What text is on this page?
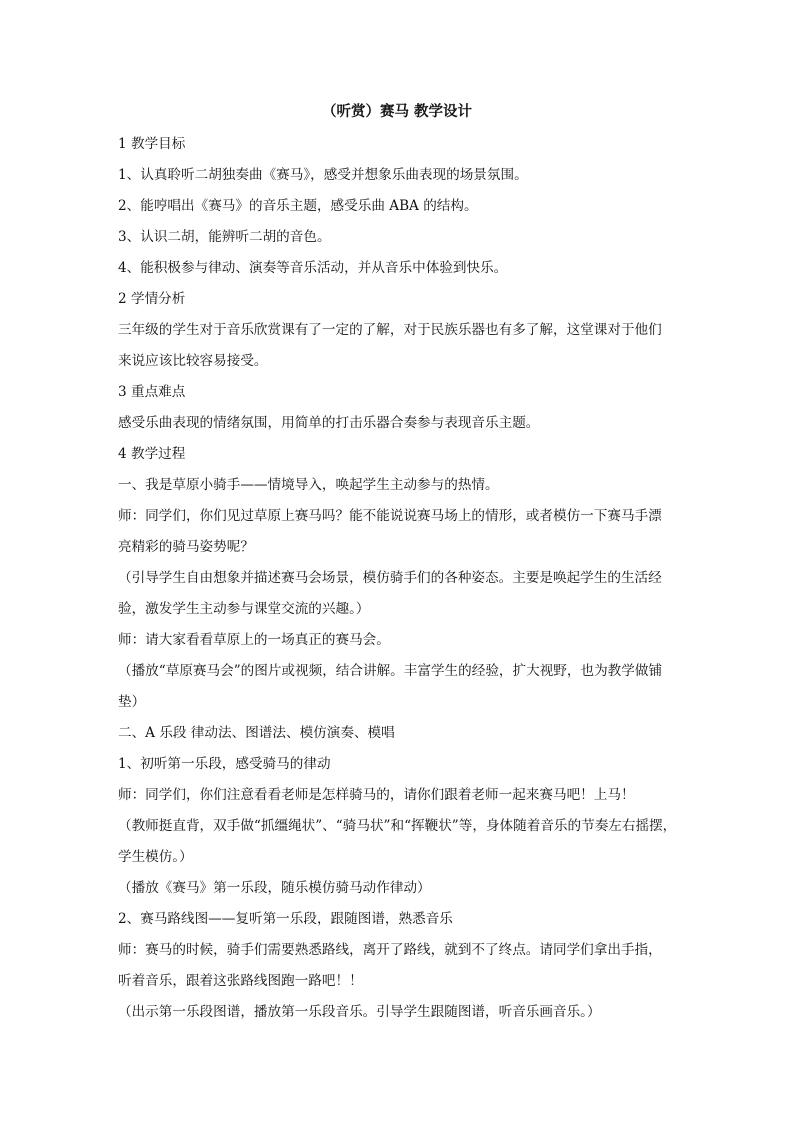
（听赏）赛马 教学设计
1 教学目标
1、认真聆听二胡独奏曲《赛马》，感受并想象乐曲表现的场景氛围。
2、能哼唱出《赛马》的音乐主题，感受乐曲 ABA 的结构。
3、认识二胡，能辨听二胡的音色。
4、能积极参与律动、演奏等音乐活动，并从音乐中体验到快乐。
2 学情分析
三年级的学生对于音乐欣赏课有了一定的了解，对于民族乐器也有多了解，这堂课对于他们
来说应该比较容易接受。
3 重点难点
感受乐曲表现的情绪氛围，用简单的打击乐器合奏参与表现音乐主题。
4 教学过程
一、我是草原小骑手——情境导入，唤起学生主动参与的热情。
师：同学们，你们见过草原上赛马吗？能不能说说赛马场上的情形，或者模仿一下赛马手漂
亮精彩的骑马姿势呢？
（引导学生自由想象并描述赛马会场景，模仿骑手们的各种姿态。主要是唤起学生的生活经
验，激发学生主动参与课堂交流的兴趣。）
师：请大家看看草原上的一场真正的赛马会。
（播放“草原赛马会”的图片或视频，结合讲解。丰富学生的经验，扩大视野，也为教学做铺
垫）
二、A 乐段 律动法、图谱法、模仿演奏、模唱
1、初听第一乐段，感受骑马的律动
师：同学们，你们注意看看老师是怎样骑马的，请你们跟着老师一起来赛马吧！上马！
（教师挺直背，双手做“抓缰绳状”、“骑马状”和“挥鞭状”等，身体随着音乐的节奏左右摇摆，
学生模仿。）
（播放《赛马》第一乐段，随乐模仿骑马动作律动）
2、赛马路线图——复听第一乐段，跟随图谱，熟悉音乐
师：赛马的时候，骑手们需要熟悉路线，离开了路线，就到不了终点。请同学们拿出手指，
听着音乐，跟着这张路线图跑一路吧！！
（出示第一乐段图谱，播放第一乐段音乐。引导学生跟随图谱，听音乐画音乐。）
